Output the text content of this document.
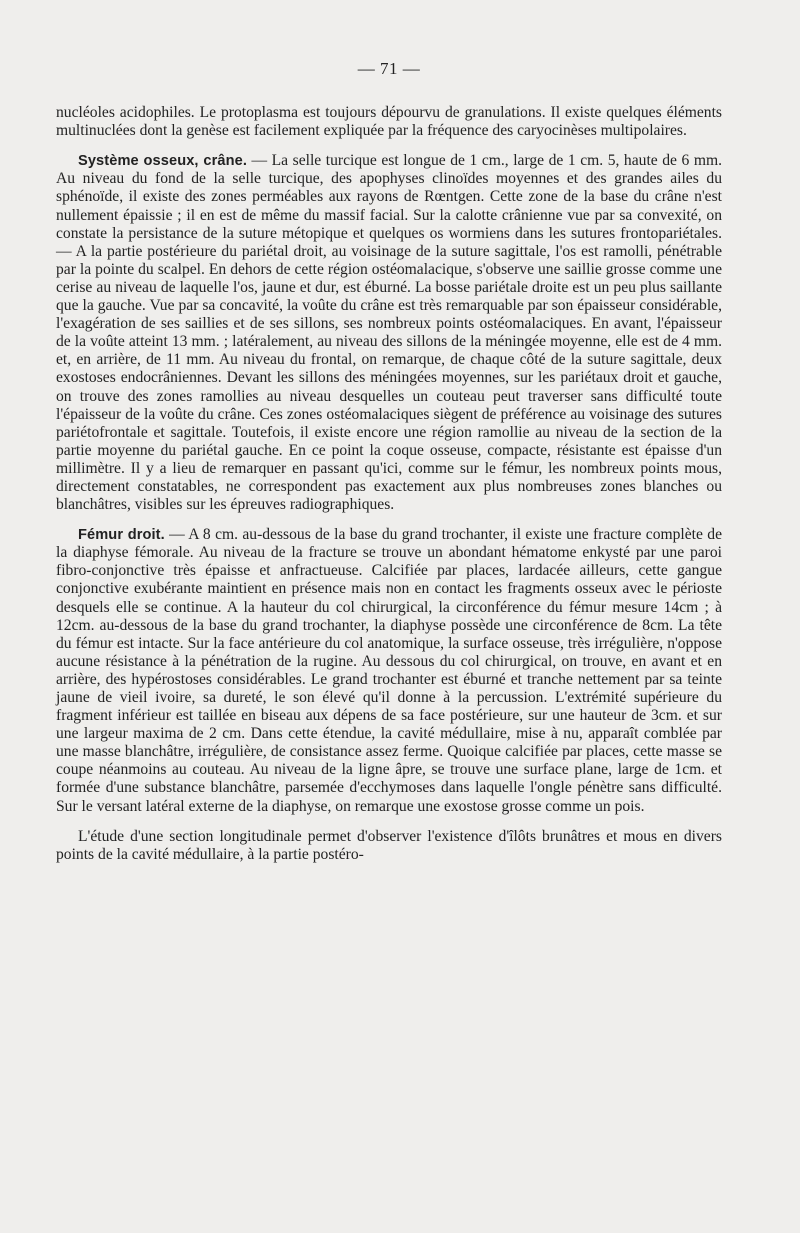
— 71 —

nucléoles acidophiles. Le protoplasma est toujours dépourvu de granulations. Il existe quelques éléments multinuclées dont la genèse est facilement expliquée par la fréquence des caryocinèses multipolaires.

Système osseux, crâne. — La selle turcique est longue de 1 cm., large de 1 cm. 5, haute de 6 mm. Au niveau du fond de la selle turcique, des apophyses clinoïdes moyennes et des grandes ailes du sphénoïde, il existe des zones perméables aux rayons de Rœntgen. Cette zone de la base du crâne n'est nullement épaissie ; il en est de même du massif facial. Sur la calotte crânienne vue par sa convexité, on constate la persistance de la suture métopique et quelques os wormiens dans les sutures frontopariétales. — A la partie postérieure du pariétal droit, au voisinage de la suture sagittale, l'os est ramolli, pénétrable par la pointe du scalpel. En dehors de cette région ostéomalacique, s'observe une saillie grosse comme une cerise au niveau de laquelle l'os, jaune et dur, est éburné. La bosse pariétale droite est un peu plus saillante que la gauche. Vue par sa concavité, la voûte du crâne est très remarquable par son épaisseur considérable, l'exagération de ses saillies et de ses sillons, ses nombreux points ostéomalaciques. En avant, l'épaisseur de la voûte atteint 13 mm. ; latéralement, au niveau des sillons de la méningée moyenne, elle est de 4 mm. et, en arrière, de 11 mm. Au niveau du frontal, on remarque, de chaque côté de la suture sagittale, deux exostoses endocrâniennes. Devant les sillons des méningées moyennes, sur les pariétaux droit et gauche, on trouve des zones ramollies au niveau desquelles un couteau peut traverser sans difficulté toute l'épaisseur de la voûte du crâne. Ces zones ostéomalaciques siègent de préférence au voisinage des sutures pariétofrontale et sagittale. Toutefois, il existe encore une région ramollie au niveau de la section de la partie moyenne du pariétal gauche. En ce point la coque osseuse, compacte, résistante est épaisse d'un millimètre. Il y a lieu de remarquer en passant qu'ici, comme sur le fémur, les nombreux points mous, directement constatables, ne correspondent pas exactement aux plus nombreuses zones blanches ou blanchâtres, visibles sur les épreuves radiographiques.

Fémur droit. — A 8 cm. au-dessous de la base du grand trochanter, il existe une fracture complète de la diaphyse fémorale. Au niveau de la fracture se trouve un abondant hématome enkysté par une paroi fibro-conjonctive très épaisse et anfractueuse. Calcifiée par places, lardacée ailleurs, cette gangue conjonctive exubérante maintient en présence mais non en contact les fragments osseux avec le périoste desquels elle se continue. A la hauteur du col chirurgical, la circonférence du fémur mesure 14cm ; à 12cm. au-dessous de la base du grand trochanter, la diaphyse possède une circonférence de 8cm. La tête du fémur est intacte. Sur la face antérieure du col anatomique, la surface osseuse, très irrégulière, n'oppose aucune résistance à la pénétration de la rugine. Au dessous du col chirurgical, on trouve, en avant et en arrière, des hypérostoses considérables. Le grand trochanter est éburné et tranche nettement par sa teinte jaune de vieil ivoire, sa dureté, le son élevé qu'il donne à la percussion. L'extrémité supérieure du fragment inférieur est taillée en biseau aux dépens de sa face postérieure, sur une hauteur de 3cm. et sur une largeur maxima de 2 cm. Dans cette étendue, la cavité médullaire, mise à nu, apparaît comblée par une masse blanchâtre, irrégulière, de consistance assez ferme. Quoique calcifiée par places, cette masse se coupe néanmoins au couteau. Au niveau de la ligne âpre, se trouve une surface plane, large de 1cm. et formée d'une substance blanchâtre, parsemée d'ecchymoses dans laquelle l'ongle pénètre sans difficulté. Sur le versant latéral externe de la diaphyse, on remarque une exostose grosse comme un pois.

L'étude d'une section longitudinale permet d'observer l'existence d'îlôts brunâtres et mous en divers points de la cavité médullaire, à la partie postéro-
